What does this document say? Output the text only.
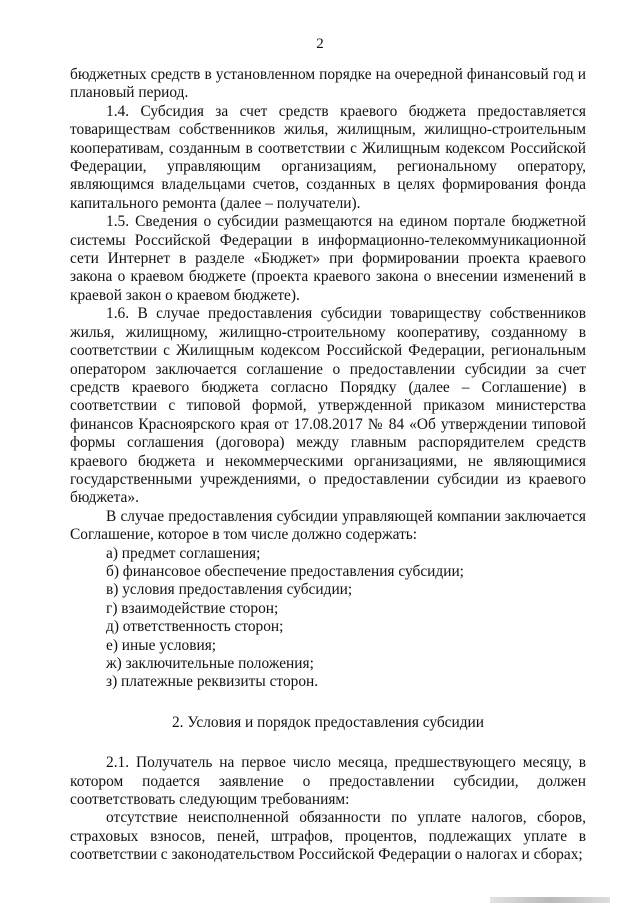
2

бюджетных средств в установленном порядке на очередной финансовый год и плановый период.

1.4. Субсидия за счет средств краевого бюджета предоставляется товариществам собственников жилья, жилищным, жилищно-строительным кооперативам, созданным в соответствии с Жилищным кодексом Российской Федерации, управляющим организациям, региональному оператору, являющимся владельцами счетов, созданных в целях формирования фонда капитального ремонта (далее – получатели).

1.5. Сведения о субсидии размещаются на едином портале бюджетной системы Российской Федерации в информационно-телекоммуникационной сети Интернет в разделе «Бюджет» при формировании проекта краевого закона о краевом бюджете (проекта краевого закона о внесении изменений в краевой закон о краевом бюджете).

1.6. В случае предоставления субсидии товариществу собственников жилья, жилищному, жилищно-строительному кооперативу, созданному в соответствии с Жилищным кодексом Российской Федерации, региональным оператором заключается соглашение о предоставлении субсидии за счет средств краевого бюджета согласно Порядку (далее – Соглашение) в соответствии с типовой формой, утвержденной приказом министерства финансов Красноярского края от 17.08.2017 № 84 «Об утверждении типовой формы соглашения (договора) между главным распорядителем средств краевого бюджета и некоммерческими организациями, не являющимися государственными учреждениями, о предоставлении субсидии из краевого бюджета».

В случае предоставления субсидии управляющей компании заключается Соглашение, которое в том числе должно содержать:

а) предмет соглашения;

б) финансовое обеспечение предоставления субсидии;

в) условия предоставления субсидии;

г) взаимодействие сторон;

д) ответственность сторон;

е) иные условия;

ж) заключительные положения;

з) платежные реквизиты сторон.

2. Условия и порядок предоставления субсидии

2.1. Получатель на первое число месяца, предшествующего месяцу, в котором подается заявление о предоставлении субсидии, должен соответствовать следующим требованиям:

отсутствие неисполненной обязанности по уплате налогов, сборов, страховых взносов, пеней, штрафов, процентов, подлежащих уплате в соответствии с законодательством Российской Федерации о налогах и сборах;
